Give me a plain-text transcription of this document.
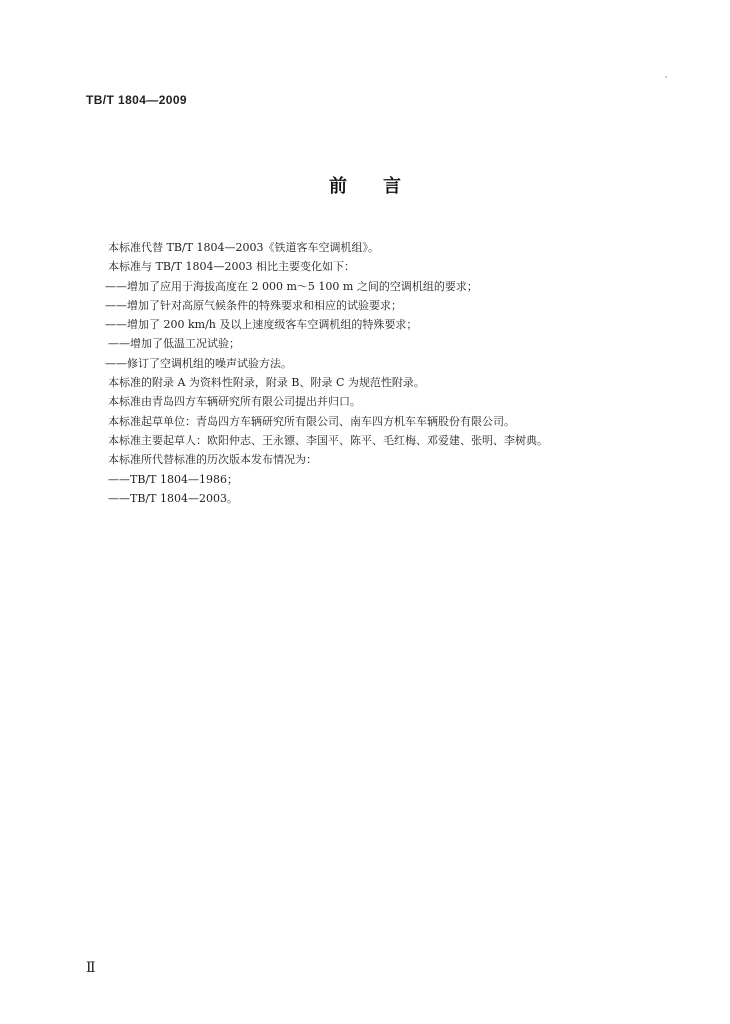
TB/T 1804—2009
前 言
本标准代替 TB/T 1804—2003《铁道客车空调机组》。
本标准与 TB/T 1804—2003 相比主要变化如下：
——增加了应用于海拔高度在 2 000 m～5 100 m 之间的空调机组的要求；
——增加了针对高原气候条件的特殊要求和相应的试验要求；
——增加了 200 km/h 及以上速度级客车空调机组的特殊要求；
——增加了低温工况试验；
——修订了空调机组的噪声试验方法。
本标准的附录 A 为资料性附录，附录 B、附录 C 为规范性附录。
本标准由青岛四方车辆研究所有限公司提出并归口。
本标准起草单位：青岛四方车辆研究所有限公司、南车四方机车车辆股份有限公司。
本标准主要起草人：欧阳仲志、王永镖、李国平、陈平、毛红梅、邓爱建、张明、李树典。
本标准所代替标准的历次版本发布情况为：
——TB/T 1804—1986；
——TB/T 1804—2003。
Ⅱ
